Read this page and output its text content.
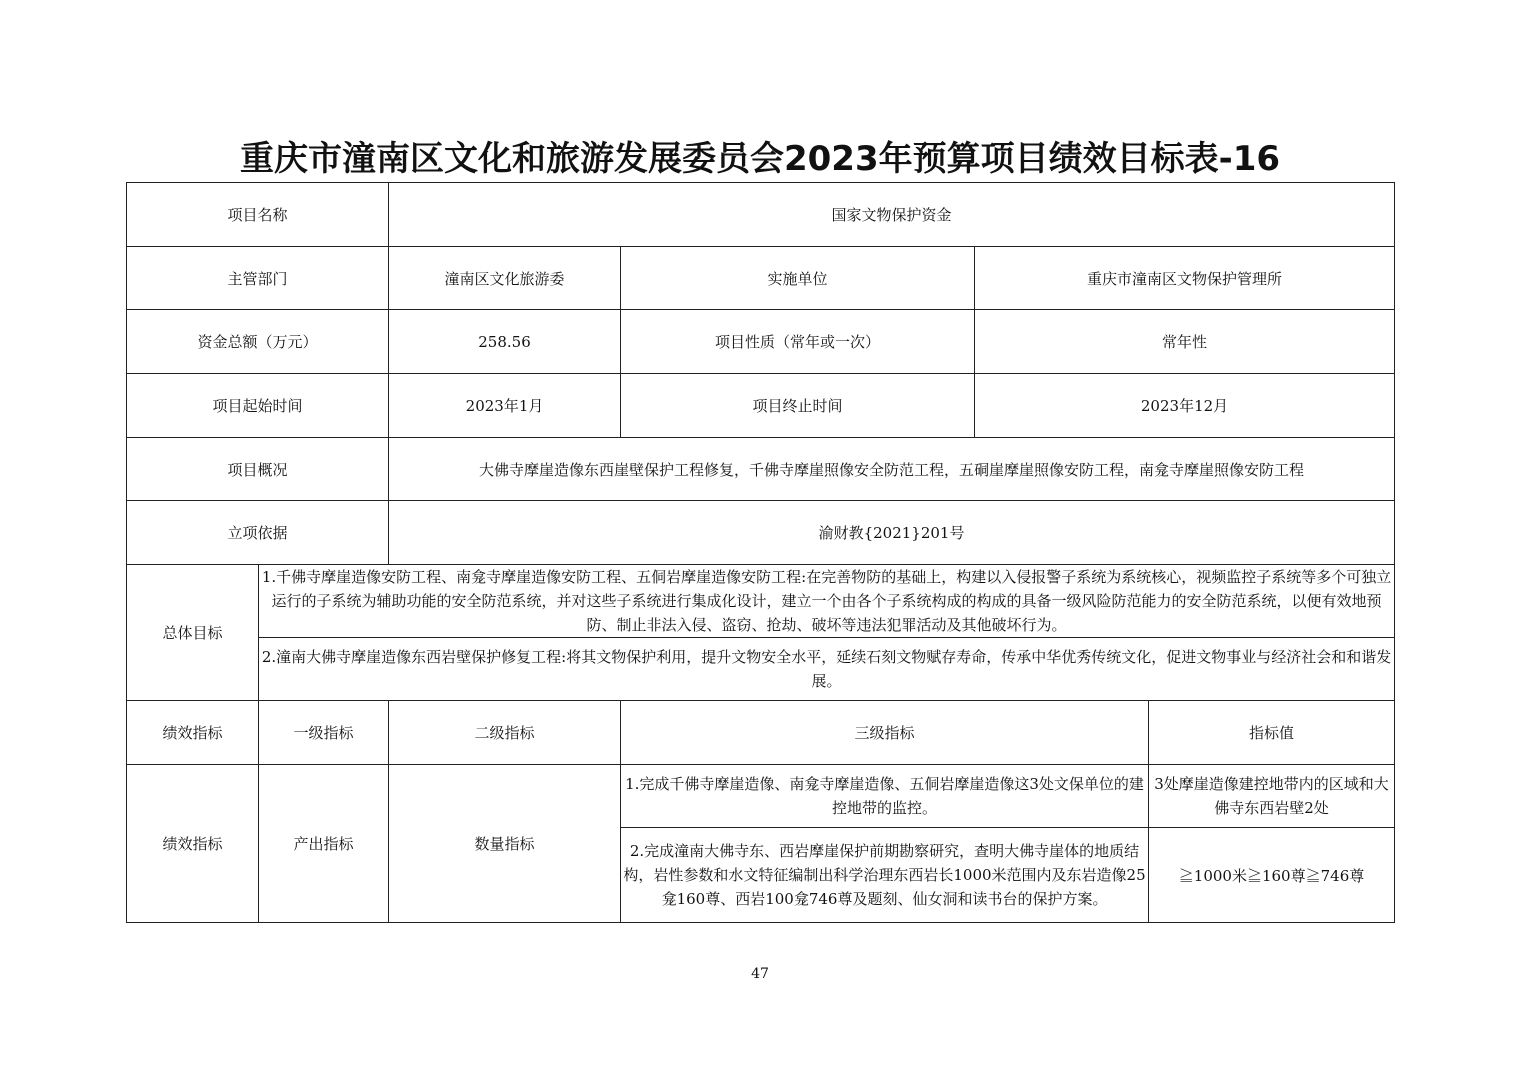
重庆市潼南区文化和旅游发展委员会2023年预算项目绩效目标表-16
项目名称		国家文物保护资金			
主管部门		潼南区文化旅游委	实施单位	重庆市潼南区文物保护管理所	
资金总额（万元）		258.56	项目性质（常年或一次）	常年性	
项目起始时间		2023年1月	项目终止时间	2023年12月	
项目概况		大佛寺摩崖造像东西崖壁保护工程修复，千佛寺摩崖照像安全防范工程，五硐崖摩崖照像安防工程，南龛寺摩崖照像安防工程			
立项依据		渝财教{2021}201号			
总体目标	1.千佛寺摩崖造像安防工程、南龛寺摩崖造像安防工程、五侗岩摩崖造像安防工程:在完善物防的基础上，构建以入侵报警子系统为系统核心，视频监控子系统等多个可独立运行的子系统为辅助功能的安全防范系统，并对这些子系统进行集成化设计，建立一个由各个子系统构成的构成的具备一级风险防范能力的安全防范系统，以便有效地预防、制止非法入侵、盗窃、抢劫、破坏等违法犯罪活动及其他破坏行为。				
	2.潼南大佛寺摩崖造像东西岩壁保护修复工程:将其文物保护利用，提升文物安全水平，延续石刻文物赋存寿命，传承中华优秀传统文化，促进文物事业与经济社会和和谐发展。				
绩效指标	一级指标	二级指标	三级指标		指标值
绩效指标	产出指标	数量指标	1.完成千佛寺摩崖造像、南龛寺摩崖造像、五侗岩摩崖造像这3处文保单位的建控地带的监控。		3处摩崖造像建控地带内的区域和大佛寺东西岩壁2处
			2.完成潼南大佛寺东、西岩摩崖保护前期勘察研究，查明大佛寺崖体的地质结构，岩性参数和水文特征编制出科学治理东西岩长1000米范围内及东岩造像25龛160尊、西岩100龛746尊及题刻、仙女洞和读书台的保护方案。		≧1000米≧160尊≧746尊
47
